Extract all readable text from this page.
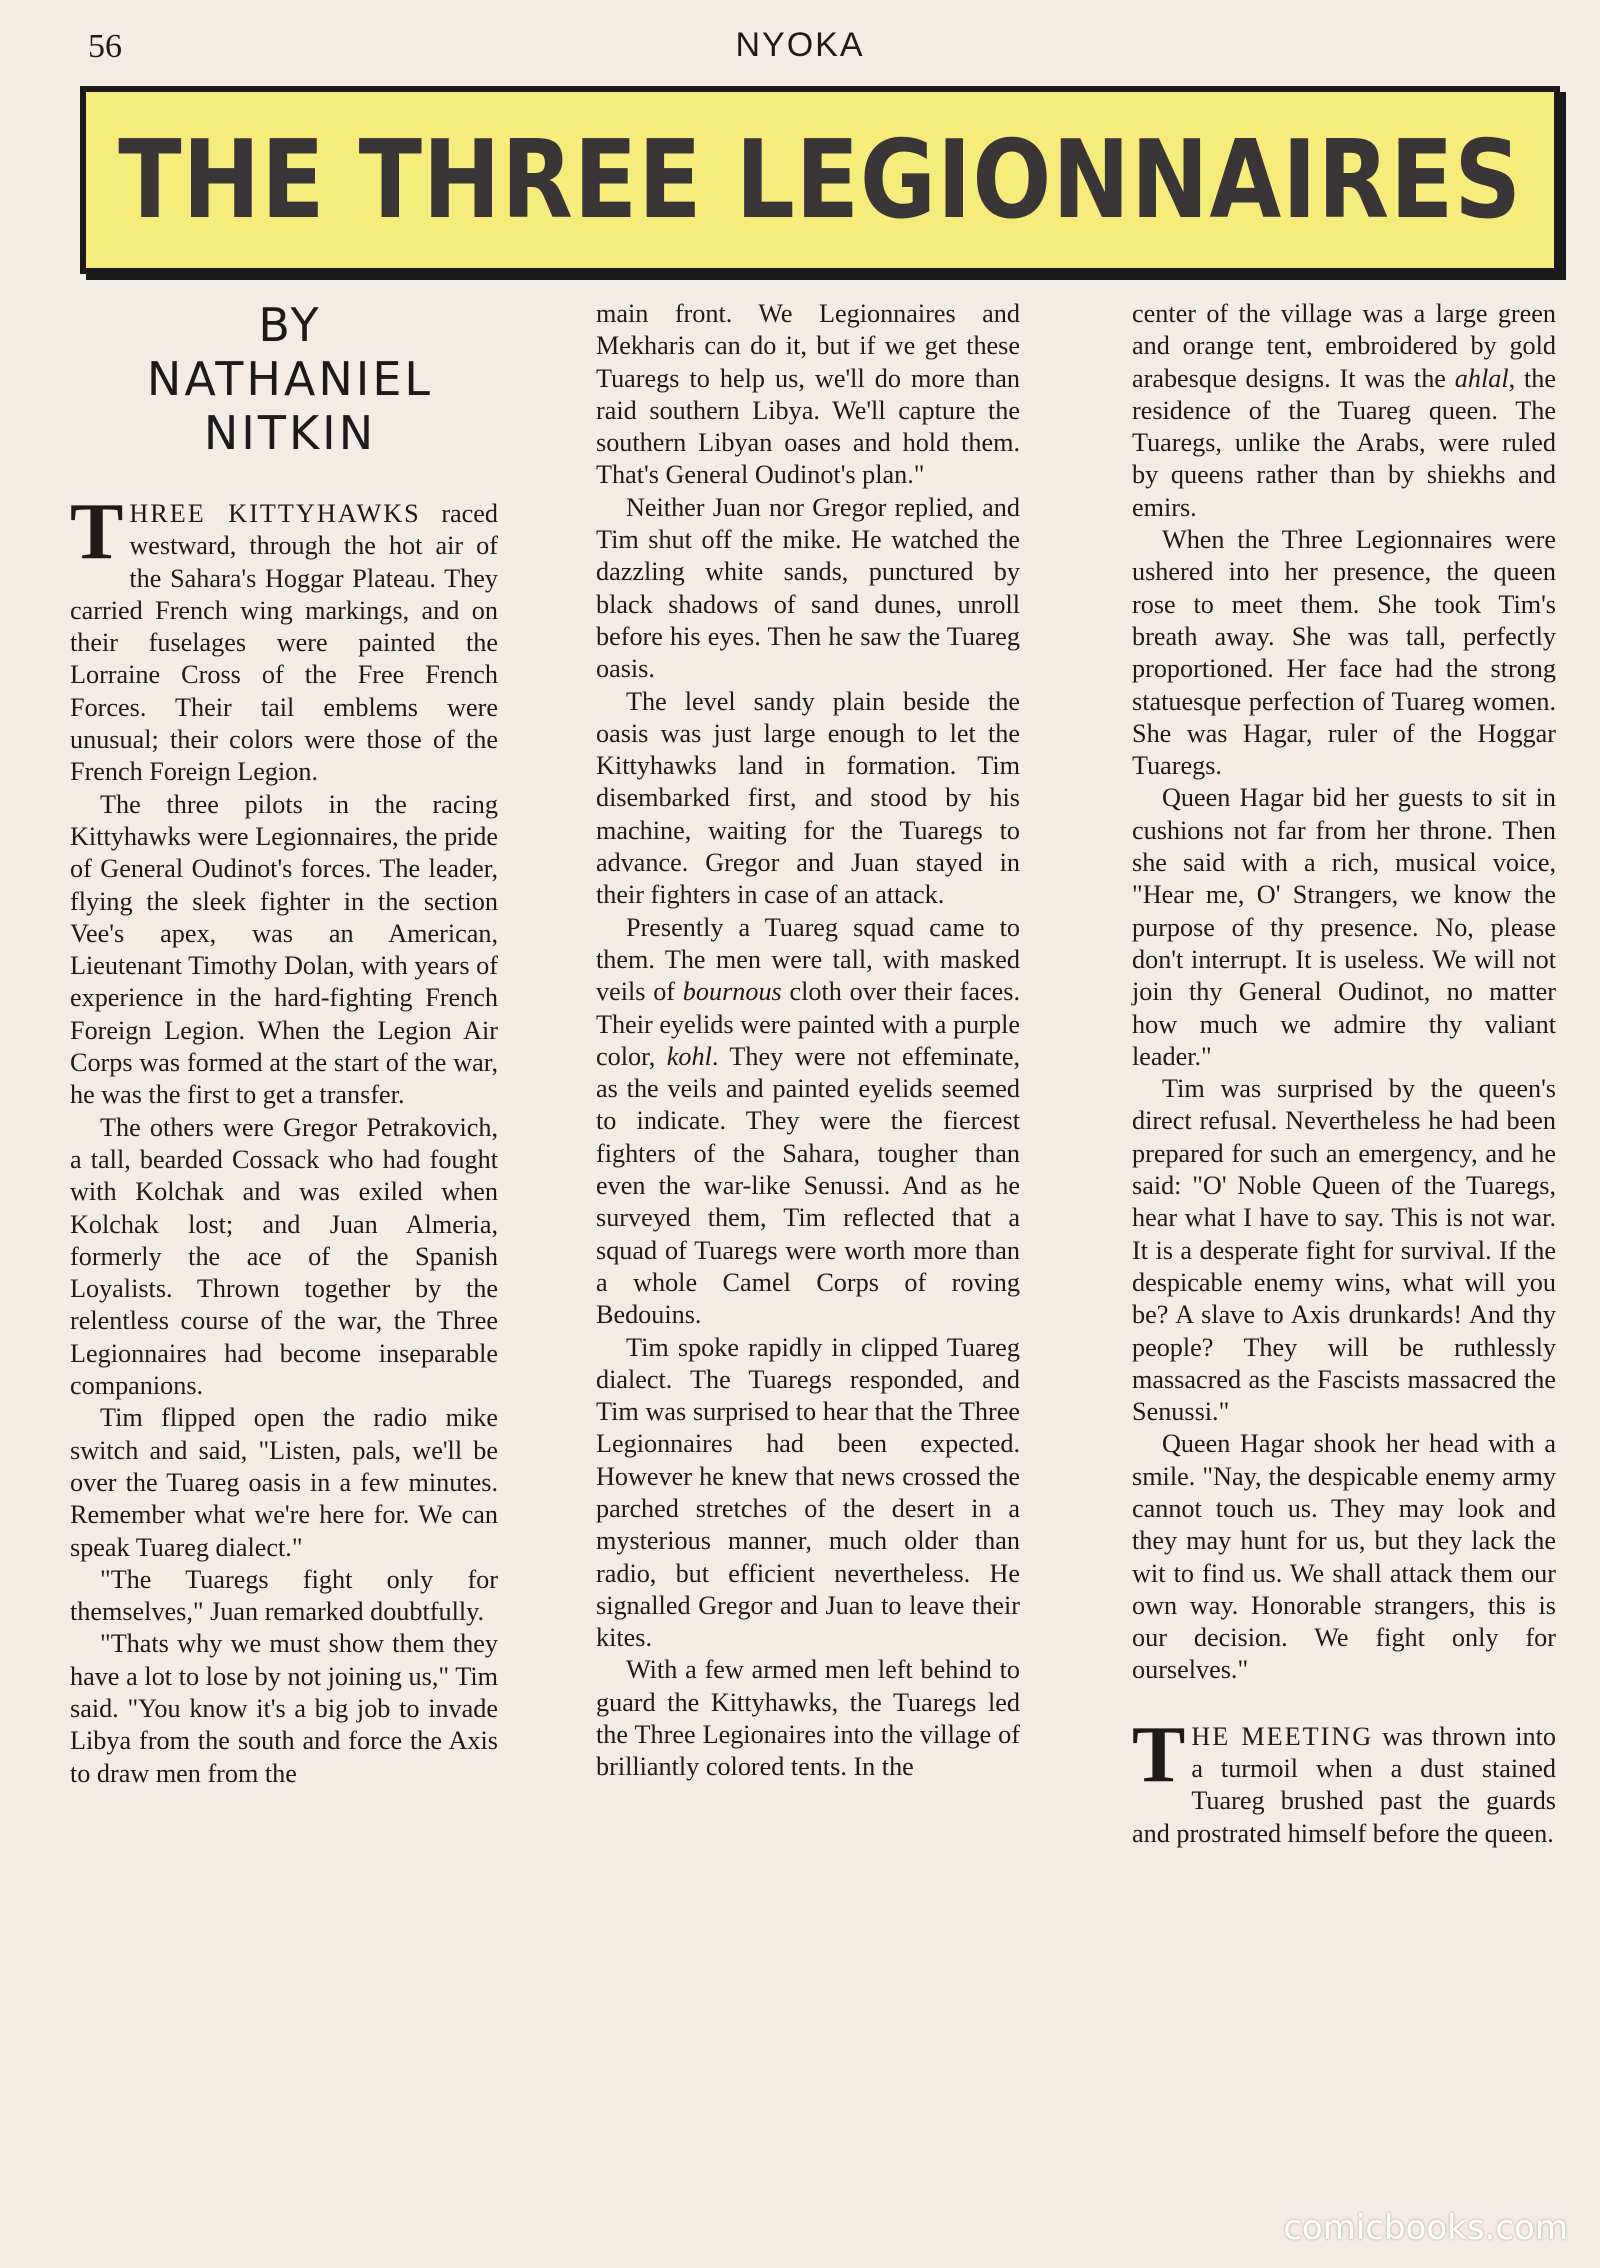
56	NYOKA
THE THREE LEGIONNAIRES
BY
NATHANIEL
NITKIN

THREE KITTYHAWKS raced westward, through the hot air of the Sahara's Hoggar Plateau. They carried French wing markings, and on their fuselages were painted the Lorraine Cross of the Free French Forces. Their tail emblems were unusual; their colors were those of the French Foreign Legion.

The three pilots in the racing Kittyhawks were Legionnaires, the pride of General Oudinot's forces. The leader, flying the sleek fighter in the section Vee's apex, was an American, Lieutenant Timothy Dolan, with years of experience in the hard-fighting French Foreign Legion. When the Legion Air Corps was formed at the start of the war, he was the first to get a transfer.

The others were Gregor Petrakovich, a tall, bearded Cossack who had fought with Kolchak and was exiled when Kolchak lost; and Juan Almeria, formerly the ace of the Spanish Loyalists. Thrown together by the relentless course of the war, the Three Legionnaires had become inseparable companions.

Tim flipped open the radio mike switch and said, "Listen, pals, we'll be over the Tuareg oasis in a few minutes. Remember what we're here for. We can speak Tuareg dialect."

"The Tuaregs fight only for themselves," Juan remarked doubtfully.

"Thats why we must show them they have a lot to lose by not joining us," Tim said. "You know it's a big job to invade Libya from the south and force the Axis to draw men from the

main front. We Legionnaires and Mekharis can do it, but if we get these Tuaregs to help us, we'll do more than raid southern Libya. We'll capture the southern Libyan oases and hold them. That's General Oudinot's plan."

Neither Juan nor Gregor replied, and Tim shut off the mike. He watched the dazzling white sands, punctured by black shadows of sand dunes, unroll before his eyes. Then he saw the Tuareg oasis.

The level sandy plain beside the oasis was just large enough to let the Kittyhawks land in formation. Tim disembarked first, and stood by his machine, waiting for the Tuaregs to advance. Gregor and Juan stayed in their fighters in case of an attack.

Presently a Tuareg squad came to them. The men were tall, with masked veils of bournous cloth over their faces. Their eyelids were painted with a purple color, kohl. They were not effeminate, as the veils and painted eyelids seemed to indicate. They were the fiercest fighters of the Sahara, tougher than even the war-like Senussi. And as he surveyed them, Tim reflected that a squad of Tuaregs were worth more than a whole Camel Corps of roving Bedouins.

Tim spoke rapidly in clipped Tuareg dialect. The Tuaregs responded, and Tim was surprised to hear that the Three Legionnaires had been expected. However he knew that news crossed the parched stretches of the desert in a mysterious manner, much older than radio, but efficient nevertheless. He signalled Gregor and Juan to leave their kites.

With a few armed men left behind to guard the Kittyhawks, the Tuaregs led the Three Legionaires into the village of brilliantly colored tents. In the

center of the village was a large green and orange tent, embroidered by gold arabesque designs. It was the ahlal, the residence of the Tuareg queen. The Tuaregs, unlike the Arabs, were ruled by queens rather than by shiekhs and emirs.

When the Three Legionnaires were ushered into her presence, the queen rose to meet them. She took Tim's breath away. She was tall, perfectly proportioned. Her face had the strong statuesque perfection of Tuareg women. She was Hagar, ruler of the Hoggar Tuaregs.

Queen Hagar bid her guests to sit in cushions not far from her throne. Then she said with a rich, musical voice, "Hear me, O' Strangers, we know the purpose of thy presence. No, please don't interrupt. It is useless. We will not join thy General Oudinot, no matter how much we admire thy valiant leader."

Tim was surprised by the queen's direct refusal. Nevertheless he had been prepared for such an emergency, and he said: "O' Noble Queen of the Tuaregs, hear what I have to say. This is not war. It is a desperate fight for survival. If the despicable enemy wins, what will you be? A slave to Axis drunkards! And thy people? They will be ruthlessly massacred as the Fascists massacred the Senussi."

Queen Hagar shook her head with a smile. "Nay, the despicable enemy army cannot touch us. They may look and they may hunt for us, but they lack the wit to find us. We shall attack them our own way. Honorable strangers, this is our decision. We fight only for ourselves."

THE MEETING was thrown into a turmoil when a dust stained Tuareg brushed past the guards and prostrated himself before the queen.

comicbooks.com
